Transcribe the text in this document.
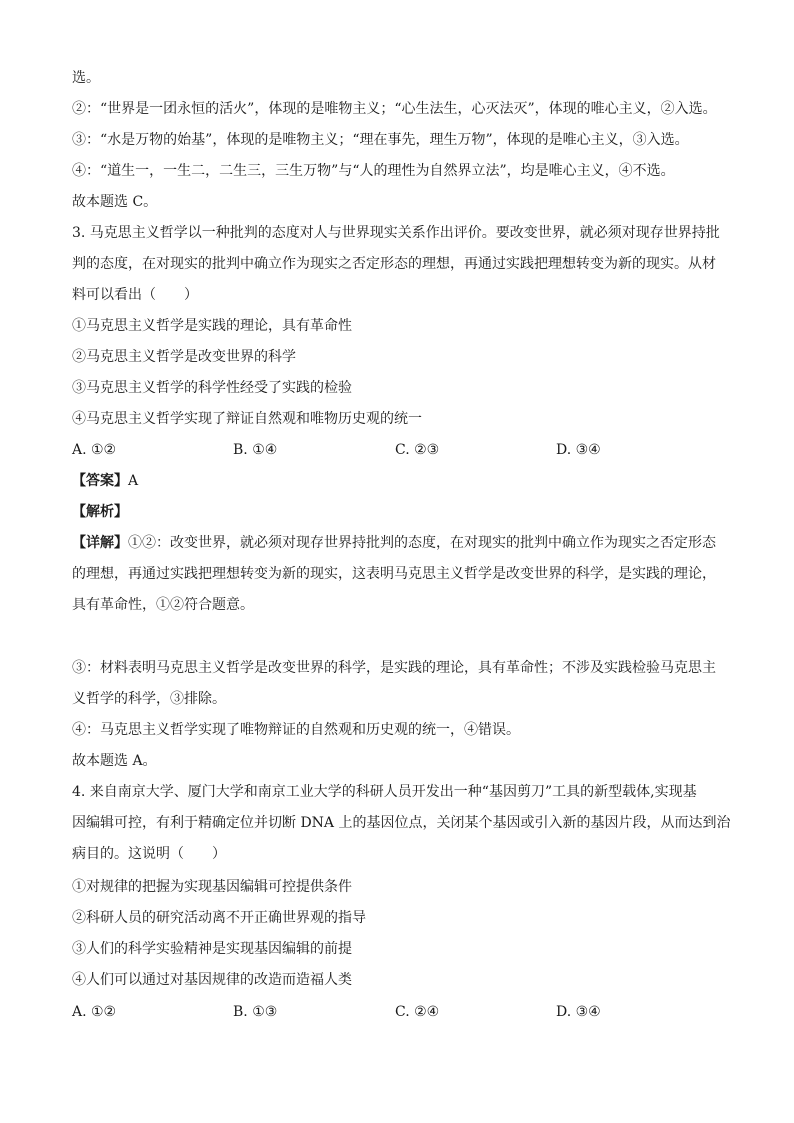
选。
②：“世界是一团永恒的活火”，体现的是唯物主义；“心生法生，心灭法灭”，体现的唯心主义，②入选。
③：“水是万物的始基”，体现的是唯物主义；“理在事先，理生万物”，体现的是唯心主义，③入选。
④：“道生一，一生二，二生三，三生万物”与“人的理性为自然界立法”，均是唯心主义，④不选。
故本题选 C。
3. 马克思主义哲学以一种批判的态度对人与世界现实关系作出评价。要改变世界，就必须对现存世界持批
判的态度，在对现实的批判中确立作为现实之否定形态的理想，再通过实践把理想转变为新的现实。从材
料可以看出（　　）
①马克思主义哲学是实践的理论，具有革命性
②马克思主义哲学是改变世界的科学
③马克思主义哲学的科学性经受了实践的检验
④马克思主义哲学实现了辩证自然观和唯物历史观的统一
A. ①②	B. ①④	C. ②③	D. ③④
【答案】A
【解析】
【详解】①②：改变世界，就必须对现存世界持批判的态度，在对现实的批判中确立作为现实之否定形态
的理想，再通过实践把理想转变为新的现实，这表明马克思主义哲学是改变世界的科学，是实践的理论，
具有革命性，①②符合题意。
③：材料表明马克思主义哲学是改变世界的科学，是实践的理论，具有革命性；不涉及实践检验马克思主
义哲学的科学，③排除。
④：马克思主义哲学实现了唯物辩证的自然观和历史观的统一，④错误。
故本题选 A。
4. 来自南京大学、厦门大学和南京工业大学的科研人员开发出一种“基因剪刀”工具的新型载体,实现基
因编辑可控，有利于精确定位并切断 DNA 上的基因位点，关闭某个基因或引入新的基因片段，从而达到治
病目的。这说明（　　）
①对规律的把握为实现基因编辑可控提供条件
②科研人员的研究活动离不开正确世界观的指导
③人们的科学实验精神是实现基因编辑的前提
④人们可以通过对基因规律的改造而造福人类
A. ①②	B. ①③	C. ②④	D. ③④
